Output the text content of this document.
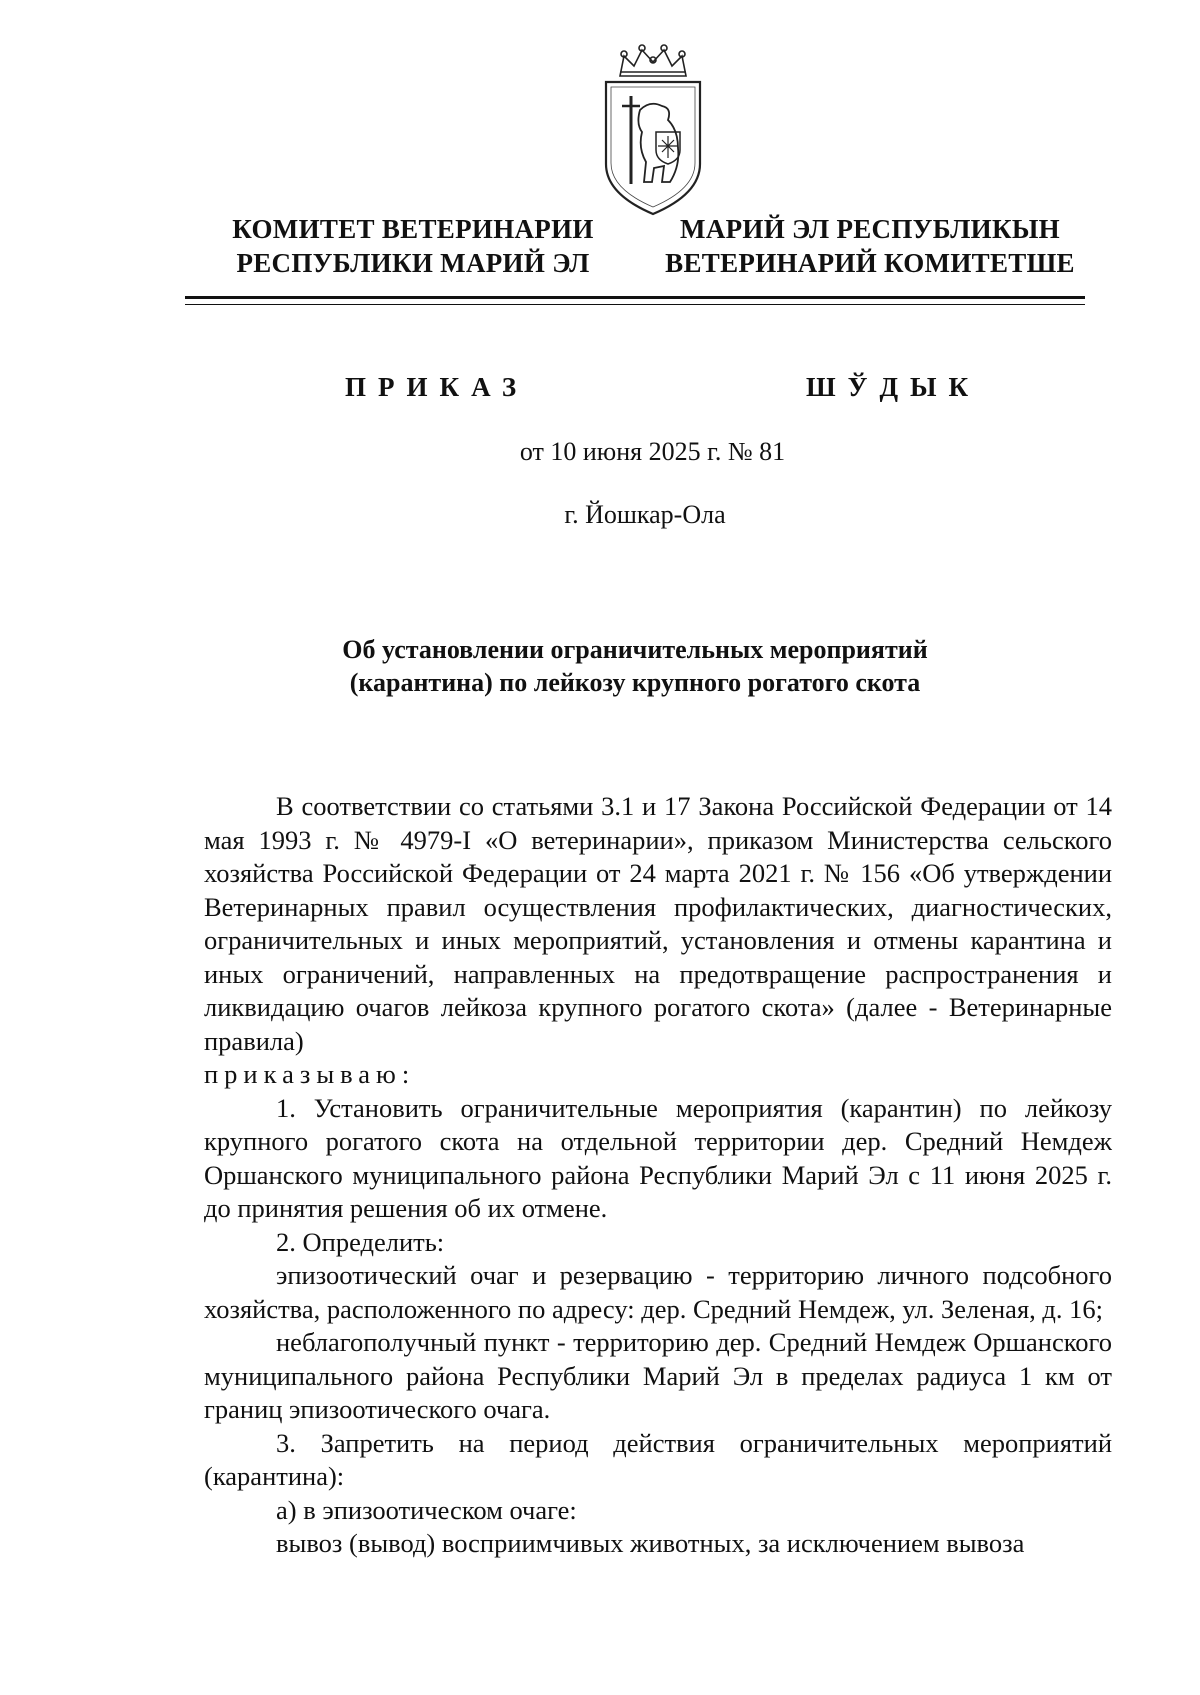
КОМИТЕТ ВЕТЕРИНАРИИ
РЕСПУБЛИКИ МАРИЙ ЭЛ
МАРИЙ ЭЛ РЕСПУБЛИКЫН
ВЕТЕРИНАРИЙ КОМИТЕТШЕ
ПРИКАЗ	ШЎДЫК
от 10 июня 2025 г. № 81
г. Йошкар-Ола
Об установлении ограничительных мероприятий
(карантина) по лейкозу крупного рогатого скота

В соответствии со статьями 3.1 и 17 Закона Российской Федерации от 14 мая 1993 г. № 4979-I «О ветеринарии», приказом Министерства сельского хозяйства Российской Федерации от 24 марта 2021 г. № 156 «Об утверждении Ветеринарных правил осуществления профилактических, диагностических, ограничительных и иных мероприятий, установления и отмены карантина и иных ограничений, направленных на предотвращение распространения и ликвидацию очагов лейкоза крупного рогатого скота» (далее - Ветеринарные правила)

приказываю:

1. Установить ограничительные мероприятия (карантин) по лейкозу крупного рогатого скота на отдельной территории дер. Средний Немдеж Оршанского муниципального района Республики Марий Эл с 11 июня 2025 г. до принятия решения об их отмене.

2. Определить:

эпизоотический очаг и резервацию - территорию личного подсобного хозяйства, расположенного по адресу: дер. Средний Немдеж, ул. Зеленая, д. 16;

неблагополучный пункт - территорию дер. Средний Немдеж Оршанского муниципального района Республики Марий Эл в пределах радиуса 1 км от границ эпизоотического очага.

3. Запретить на период действия ограничительных мероприятий (карантина):

а) в эпизоотическом очаге:

вывоз (вывод) восприимчивых животных, за исключением вывоза
